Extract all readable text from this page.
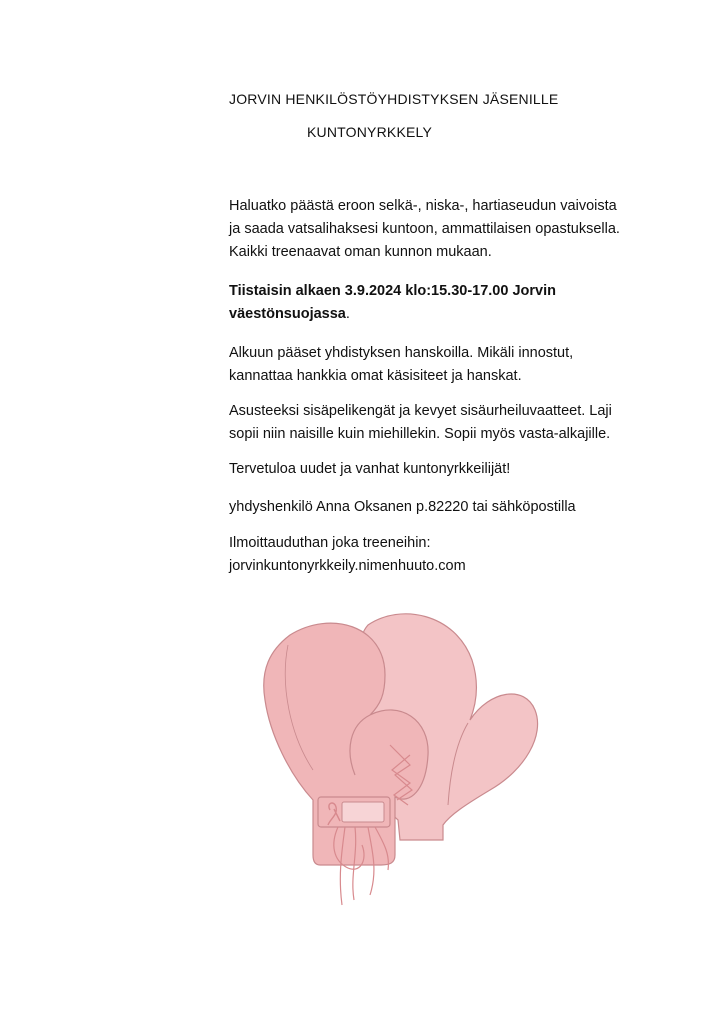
JORVIN HENKILÖSTÖYHDISTYKSEN JÄSENILLE
KUNTONYRKKELY
Haluatko päästä eroon selkä-, niska-, hartiaseudun vaivoista
ja saada vatsalihaksesi kuntoon, ammattilaisen opastuksella.
Kaikki treenaavat oman kunnon mukaan.
Tiistaisin alkaen 3.9.2024 klo:15.30-17.00 Jorvin
väestönsuojassa.
Alkuun pääset yhdistyksen hanskoilla. Mikäli innostut,
kannattaa hankkia omat käsisiteet ja hanskat.
Asusteeksi sisäpelikengät ja kevyet sisäurheiluvaatteet. Laji
sopii niin naisille kuin miehillekin. Sopii myös vasta-alkajille.
Tervetuloa uudet ja vanhat kuntonyrkkeilijät!
yhdyshenkilö Anna Oksanen p.82220 tai sähköpostilla
Ilmoittauduthan joka treeneihin:
jorvinkuntonyrkkeily.nimenhuuto.com
